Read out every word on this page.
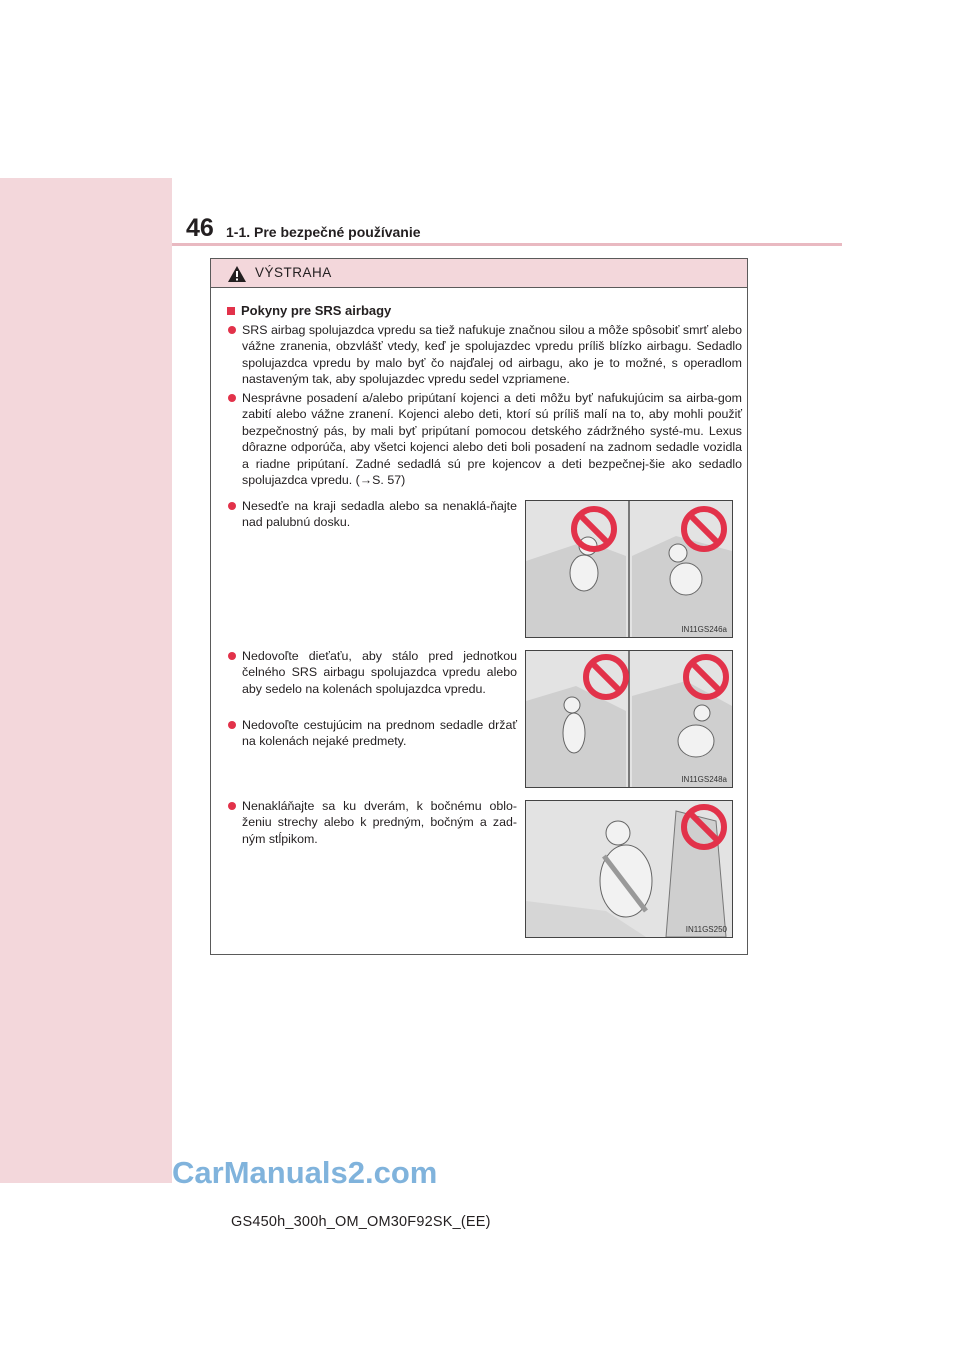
46 1-1. Pre bezpečné používanie
VÝSTRAHA
Pokyny pre SRS airbagy
SRS airbag spolujazdca vpredu sa tiež nafukuje značnou silou a môže spôsobiť smrť alebo vážne zranenia, obzvlášť vtedy, keď je spolujazdec vpredu príliš blízko airbagu. Sedadlo spolujazdca vpredu by malo byť čo najďalej od airbagu, ako je to možné, s operadlom nastaveným tak, aby spolujazdec vpredu sedel vzpriamene.
Nesprávne posadení a/alebo pripútaní kojenci a deti môžu byť nafukujúcim sa airba-gom zabití alebo vážne zranení. Kojenci alebo deti, ktorí sú príliš malí na to, aby mohli použiť bezpečnostný pás, by mali byť pripútaní pomocou detského zádržného systé-mu. Lexus dôrazne odporúča, aby všetci kojenci alebo deti boli posadení na zadnom sedadle vozidla a riadne pripútaní. Zadné sedadlá sú pre kojencov a deti bezpečnej-šie ako sedadlo spolujazdca vpredu. (→S. 57)
Nesedťe na kraji sedadla alebo sa nenaklá-ňajte nad palubnú dosku.
Nedovoľte dieťaťu, aby stálo pred jednotkou čelného SRS airbagu spolujazdca vpredu alebo aby sedelo na kolenách spolujazdca vpredu.
Nedovoľte cestujúcim na prednom sedadle držať na kolenách nejaké predmety.
Nenakláňajte sa ku dverám, k bočnému oblo-ženiu strechy alebo k predným, bočným a zad-ným stĺpikom.
IN11GS246a
IN11GS248a
IN11GS250
CarManuals2.com
GS450h_300h_OM_OM30F92SK_(EE)
